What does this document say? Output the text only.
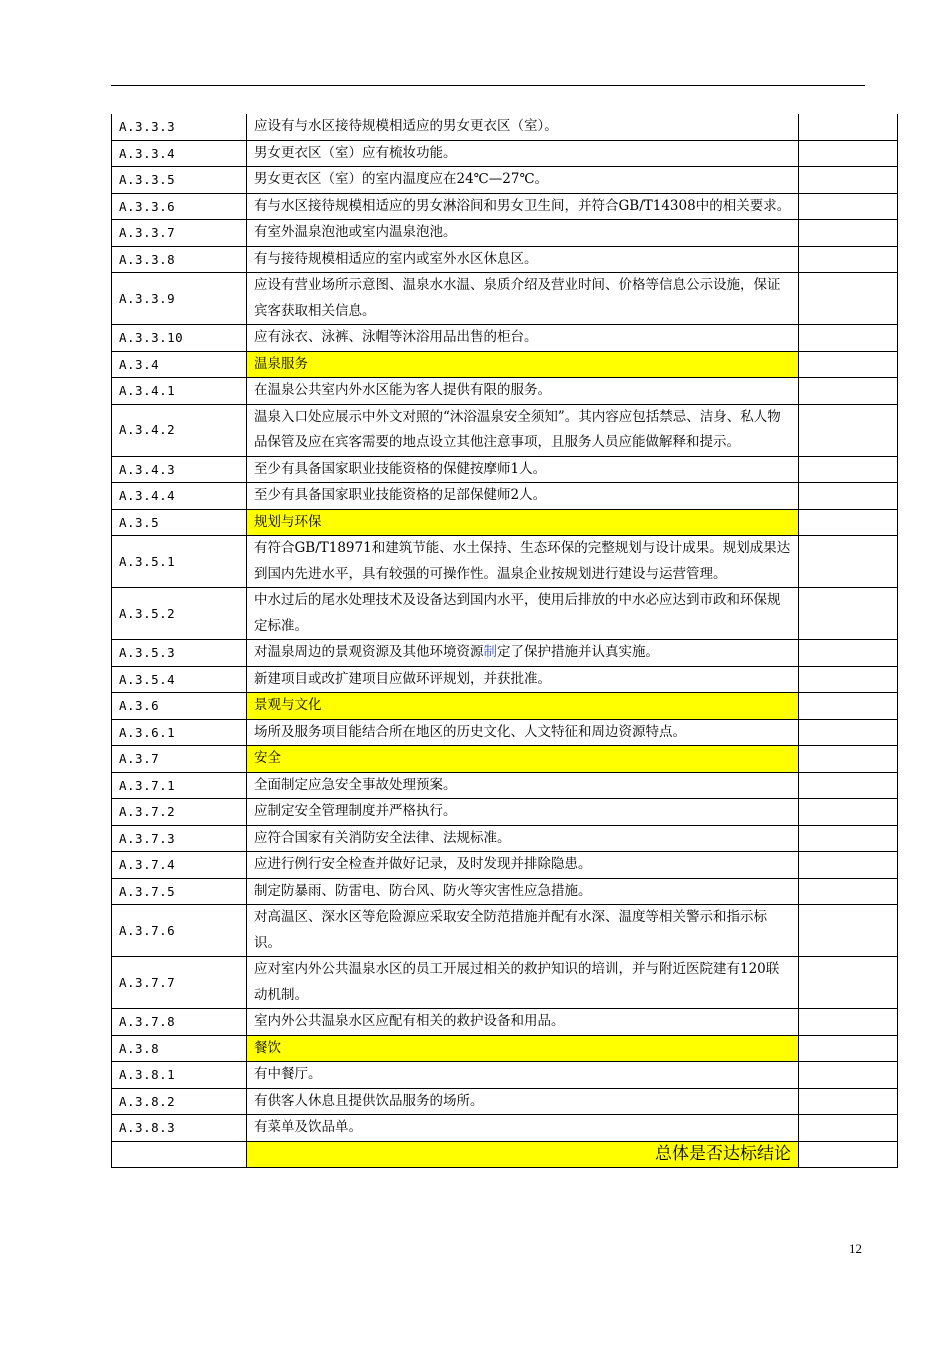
A.3.3.3	应设有与水区接待规模相适应的男女更衣区（室）。	
A.3.3.4	男女更衣区（室）应有梳妆功能。	
A.3.3.5	男女更衣区（室）的室内温度应在24℃—27℃。	
A.3.3.6	有与水区接待规模相适应的男女淋浴间和男女卫生间，并符合GB/T14308中的相关要求。	
A.3.3.7	有室外温泉泡池或室内温泉泡池。	
A.3.3.8	有与接待规模相适应的室内或室外水区休息区。	
A.3.3.9	应设有营业场所示意图、温泉水水温、泉质介绍及营业时间、价格等信息公示设施，保证宾客获取相关信息。	
A.3.3.10	应有泳衣、泳裤、泳帽等沐浴用品出售的柜台。	
A.3.4	温泉服务	
A.3.4.1	在温泉公共室内外水区能为客人提供有限的服务。	
A.3.4.2	温泉入口处应展示中外文对照的“沐浴温泉安全须知”。其内容应包括禁忌、洁身、私人物品保管及应在宾客需要的地点设立其他注意事项，且服务人员应能做解释和提示。	
A.3.4.3	至少有具备国家职业技能资格的保健按摩师1人。	
A.3.4.4	至少有具备国家职业技能资格的足部保健师2人。	
A.3.5	规划与环保	
A.3.5.1	有符合GB/T18971和建筑节能、水土保持、生态环保的完整规划与设计成果。规划成果达到国内先进水平，具有较强的可操作性。温泉企业按规划进行建设与运营管理。	
A.3.5.2	中水过后的尾水处理技术及设备达到国内水平，使用后排放的中水必应达到市政和环保规定标准。	
A.3.5.3	对温泉周边的景观资源及其他环境资源制定了保护措施并认真实施。	
A.3.5.4	新建项目或改扩建项目应做环评规划，并获批准。	
A.3.6	景观与文化	
A.3.6.1	场所及服务项目能结合所在地区的历史文化、人文特征和周边资源特点。	
A.3.7	安全	
A.3.7.1	全面制定应急安全事故处理预案。	
A.3.7.2	应制定安全管理制度并严格执行。	
A.3.7.3	应符合国家有关消防安全法律、法规标准。	
A.3.7.4	应进行例行安全检查并做好记录，及时发现并排除隐患。	
A.3.7.5	制定防暴雨、防雷电、防台风、防火等灾害性应急措施。	
A.3.7.6	对高温区、深水区等危险源应采取安全防范措施并配有水深、温度等相关警示和指示标识。	
A.3.7.7	应对室内外公共温泉水区的员工开展过相关的救护知识的培训，并与附近医院建有120联动机制。	
A.3.7.8	室内外公共温泉水区应配有相关的救护设备和用品。	
A.3.8	餐饮	
A.3.8.1	有中餐厅。	
A.3.8.2	有供客人休息且提供饮品服务的场所。	
A.3.8.3	有菜单及饮品单。	
	总体是否达标结论	
12
